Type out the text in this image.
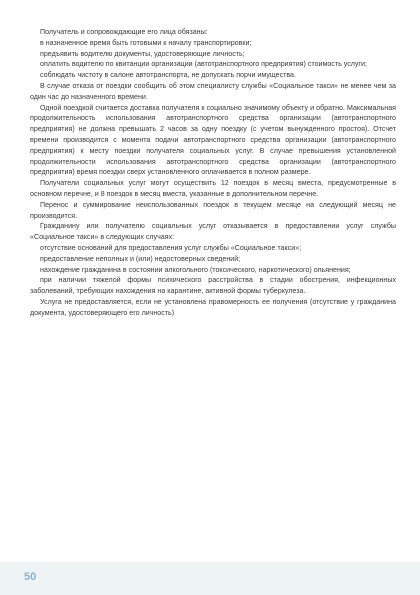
Получатель и сопровождающие его лица обязаны:

в назначенное время быть готовыми к началу транспортировки;

предъявить водителю документы, удостоверяющие личность;

оплатить водителю по квитанции организации (автотранспортного предприятия) стоимость услуги;

соблюдать чистоту в салоне автотранспорта, не допускать порчи имущества.

В случае отказа от поездки сообщить об этом специалисту службы «Социальное такси» не менее чем за один час до назначенного времени.

Одной поездкой считается доставка получателя к социально значимому объекту и обратно. Максимальная продолжительность использования автотранспортного средства организации (автотранспортного предприятия) не должна превышать 2 часов за одну поездку (с учетом вынужденного простоя). Отсчет времени производится с момента подачи автотранспортного средства организации (автотранспортного предприятия) к месту поездки получателя социальных услуг. В случае превышения установленной продолжительности использования автотранспортного средства организации (автотранспортного предприятия) время поездки сверх установленного оплачивается в полном размере.

Получатели социальных услуг могут осуществить 12 поездок в месяц вместа, предусмотренные в основном перечне, и 8 поездок в месяц вместа, указанные в дополнительном перечне.

Перенос и суммирование неиспользованных поездок в текущем месяце на следующий месяц не производится.

Гражданину или получателю социальных услуг отказывается в предоставлении услуг службы «Социальное такси» в следующих случаях:

отсутствие оснований для предоставления услуг службы «Социальное такси»;

предоставление неполных и (или) недостоверных сведений;

нахождение гражданина в состоянии алкогольного (токсического, наркотического) опьянения;

при наличии тяжелой формы психического расстройства в стадии обострения, инфекционных заболеваний, требующих нахождения на карантине, активной формы туберкулеза.

Услуга не предоставляется, если не установлена правомерность ее получения (отсутствие у гражданина документа, удостоверяющего его личность)

50
